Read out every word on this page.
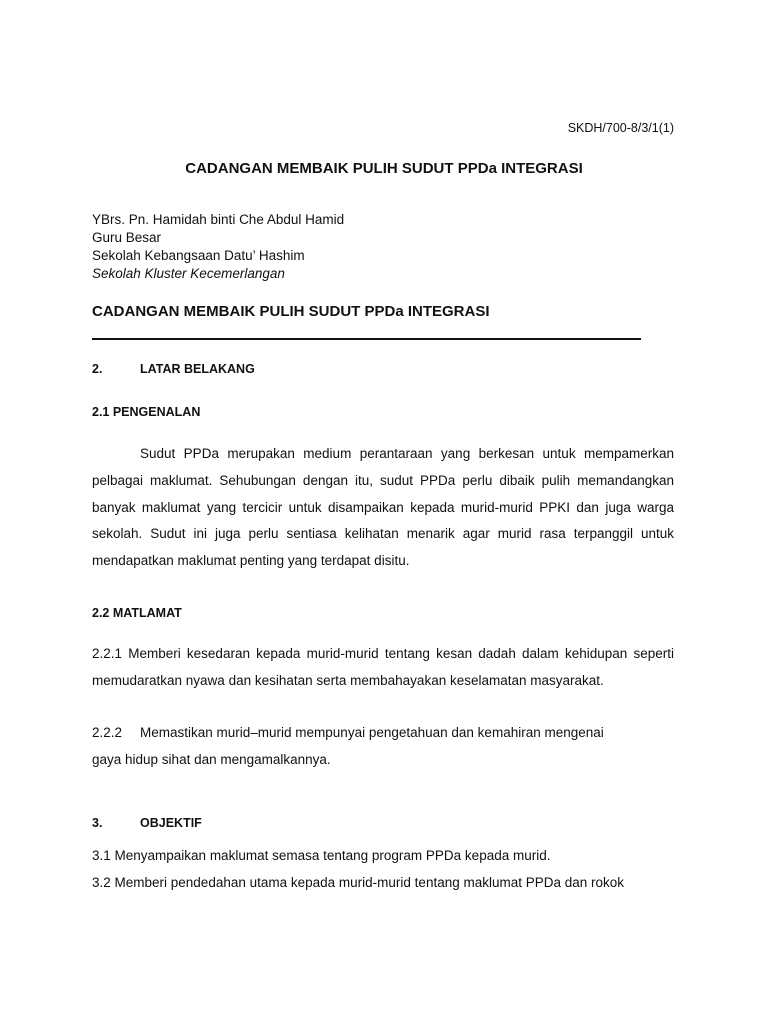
SKDH/700-8/3/1(1)
CADANGAN MEMBAIK PULIH SUDUT PPDa INTEGRASI
YBrs. Pn. Hamidah binti Che Abdul Hamid
Guru Besar
Sekolah Kebangsaan Datu’ Hashim
Sekolah Kluster Kecemerlangan
CADANGAN MEMBAIK PULIH SUDUT PPDa INTEGRASI
2.	LATAR BELAKANG
2.1 PENGENALAN

Sudut PPDa merupakan medium perantaraan yang berkesan untuk mempamerkan pelbagai maklumat. Sehubungan dengan itu, sudut PPDa perlu dibaik pulih memandangkan banyak maklumat yang tercicir untuk disampaikan kepada murid-murid PPKI dan juga warga sekolah. Sudut ini juga perlu sentiasa kelihatan menarik agar murid rasa terpanggil untuk mendapatkan maklumat penting yang terdapat disitu.

2.2 MATLAMAT

2.2.1 Memberi kesedaran kepada murid-murid tentang kesan dadah dalam kehidupan seperti memudaratkan nyawa dan kesihatan serta membahayakan keselamatan masyarakat.

2.2.2 Memastikan murid–murid mempunyai pengetahuan dan kemahiran mengenai
gaya hidup sihat dan mengamalkannya.
3.	OBJEKTIF
3.1 Menyampaikan maklumat semasa tentang program PPDa kepada murid.
3.2 Memberi pendedahan utama kepada murid-murid tentang maklumat PPDa dan rokok
